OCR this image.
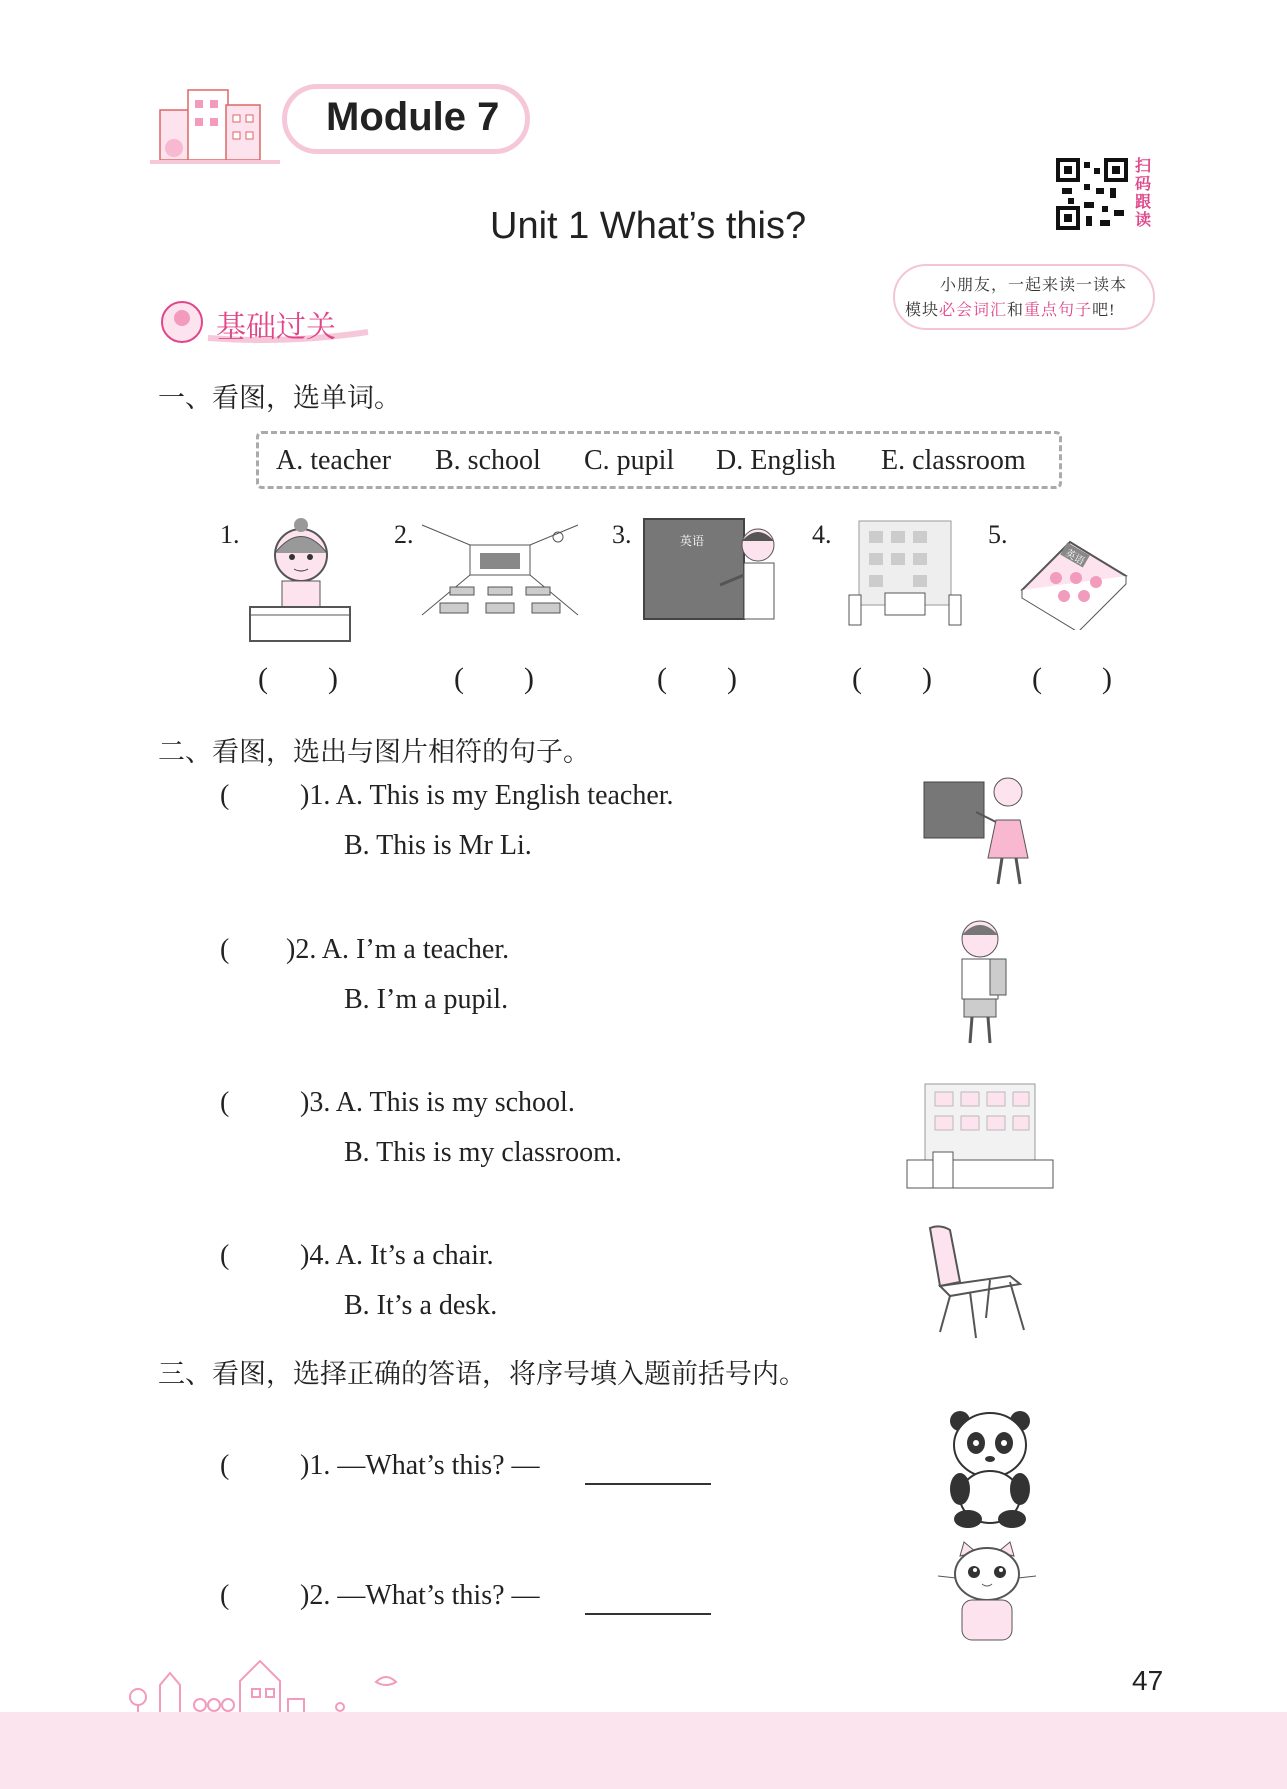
Module 7
Unit 1 What’s this?
扫
码
跟
读
小朋友，一起来读一读本
模块必会词汇和重点句子吧!
基础过关
一、看图，选单词。
A. teacher B. school C. pupil D. English E. classroom
1.	2.	3.	4.	5.
英语
英语
(        )	(        )	(        )	(        )	(        )
二、看图，选出与图片相符的句子。
(	)1. A. This is my English teacher.
B. This is Mr Li.
( )2. A. I’m a teacher.
B. I’m a pupil.
(	)3. A. This is my school.
B. This is my classroom.
(	)4. A. It’s a chair.
B. It’s a desk.
三、看图，选择正确的答语，将序号填入题前括号内。
(	)1. —What’s this? —
(	)2. —What’s this? —
47
